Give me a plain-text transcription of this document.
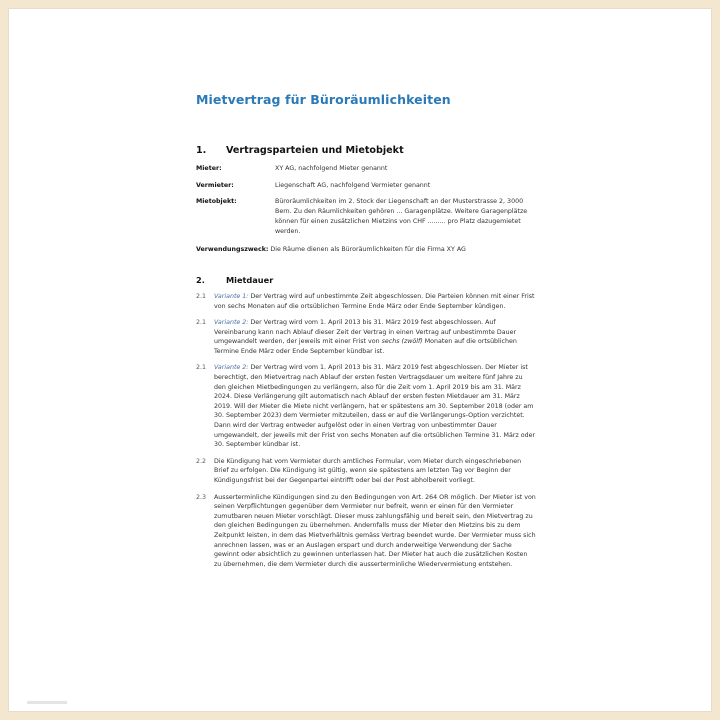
Mietvertrag für Büroräumlichkeiten
1.	Vertragsparteien und Mietobjekt
Mieter:	XY AG, nachfolgend Mieter genannt
Vermieter:	Liegenschaft AG, nachfolgend Vermieter genannt
Mietobjekt:	Büroräumlichkeiten im 2. Stock der Liegenschaft an der Musterstrasse 2, 3000 Bern. Zu den Räumlichkeiten gehören ... Garagenplätze. Weitere Garagenplätze können für einen zusätzlichen Mietzins von CHF ......... pro Platz dazugemietet werden.
Verwendungszweck: Die Räume dienen als Büroräumlichkeiten für die Firma XY AG
2.	Mietdauer
2.1	Variante 1: Der Vertrag wird auf unbestimmte Zeit abgeschlossen. Die Parteien können mit einer Frist von sechs Monaten auf die ortsüblichen Termine Ende März oder Ende September kündigen.
2.1	Variante 2: Der Vertrag wird vom 1. April 2013 bis 31. März 2019 fest abgeschlossen. Auf Vereinbarung kann nach Ablauf dieser Zeit der Vertrag in einen Vertrag auf unbestimmte Dauer umgewandelt werden, der jeweils mit einer Frist von sechs (zwölf) Monaten auf die ortsüblichen Termine Ende März oder Ende September kündbar ist.
2.1	Variante 2: Der Vertrag wird vom 1. April 2013 bis 31. März 2019 fest abgeschlossen. Der Mieter ist berechtigt, den Mietvertrag nach Ablauf der ersten festen Vertragsdauer um weitere fünf Jahre zu den gleichen Mietbedingungen zu verlängern, also für die Zeit vom 1. April 2019 bis am 31. März 2024. Diese Verlängerung gilt automatisch nach Ablauf der ersten festen Mietdauer am 31. März 2019. Will der Mieter die Miete nicht verlängern, hat er spätestens am 30. September 2018 (oder am 30. September 2023) dem Vermieter mitzuteilen, dass er auf die Verlängerungs-Option verzichtet. Dann wird der Vertrag entweder aufgelöst oder in einen Vertrag von unbestimmter Dauer umgewandelt, der jeweils mit der Frist von sechs Monaten auf die ortsüblichen Termine 31. März oder 30. September kündbar ist.
2.2	Die Kündigung hat vom Vermieter durch amtliches Formular, vom Mieter durch eingeschriebenen Brief zu erfolgen. Die Kündigung ist gültig, wenn sie spätestens am letzten Tag vor Beginn der Kündigungsfrist bei der Gegenpartei eintrifft oder bei der Post abholbereit vorliegt.
2.3	Ausserterminliche Kündigungen sind zu den Bedingungen von Art. 264 OR möglich. Der Mieter ist von seinen Verpflichtungen gegenüber dem Vermieter nur befreit, wenn er einen für den Vermieter zumutbaren neuen Mieter vorschlägt. Dieser muss zahlungsfähig und bereit sein, den Mietvertrag zu den gleichen Bedingungen zu übernehmen. Andernfalls muss der Mieter den Mietzins bis zu dem Zeitpunkt leisten, in dem das Mietverhältnis gemäss Vertrag beendet wurde. Der Vermieter muss sich anrechnen lassen, was er an Auslagen erspart und durch anderweitige Verwendung der Sache gewinnt oder absichtlich zu gewinnen unterlassen hat. Der Mieter hat auch die zusätzlichen Kosten zu übernehmen, die dem Vermieter durch die ausserterminliche Wiedervermietung entstehen.
